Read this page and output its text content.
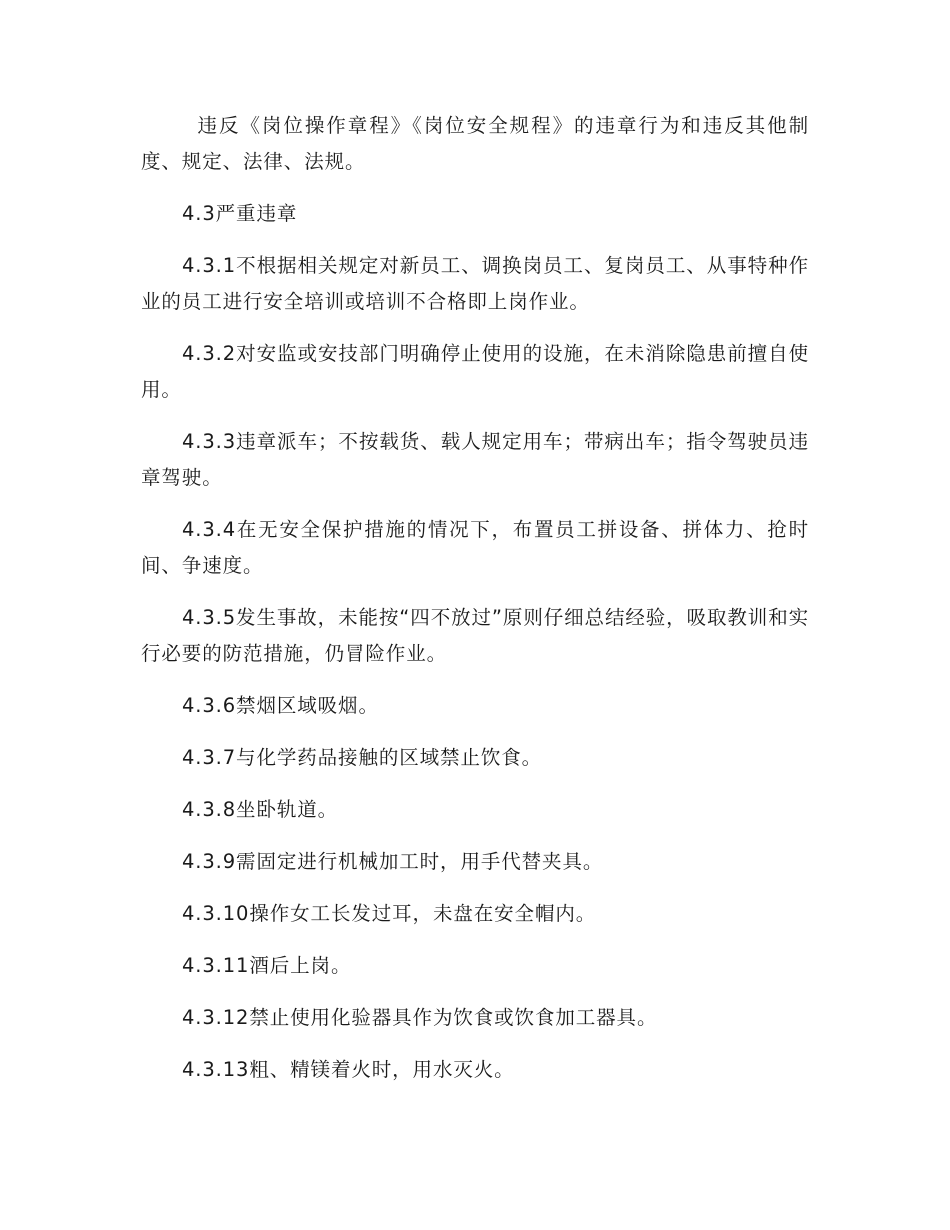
违反《岗位操作章程》《岗位安全规程》的违章行为和违反其他制度、规定、法律、法规。

4.3严重违章

4.3.1不根据相关规定对新员工、调换岗员工、复岗员工、从事特种作业的员工进行安全培训或培训不合格即上岗作业。

4.3.2对安监或安技部门明确停止使用的设施，在未消除隐患前擅自使用。

4.3.3违章派车；不按载货、载人规定用车；带病出车；指令驾驶员违章驾驶。

4.3.4在无安全保护措施的情况下，布置员工拼设备、拼体力、抢时间、争速度。

4.3.5发生事故，未能按“四不放过”原则仔细总结经验，吸取教训和实行必要的防范措施，仍冒险作业。

4.3.6禁烟区域吸烟。

4.3.7与化学药品接触的区域禁止饮食。

4.3.8坐卧轨道。

4.3.9需固定进行机械加工时，用手代替夹具。

4.3.10操作女工长发过耳，未盘在安全帽内。

4.3.11酒后上岗。

4.3.12禁止使用化验器具作为饮食或饮食加工器具。

4.3.13粗、精镁着火时，用水灭火。
